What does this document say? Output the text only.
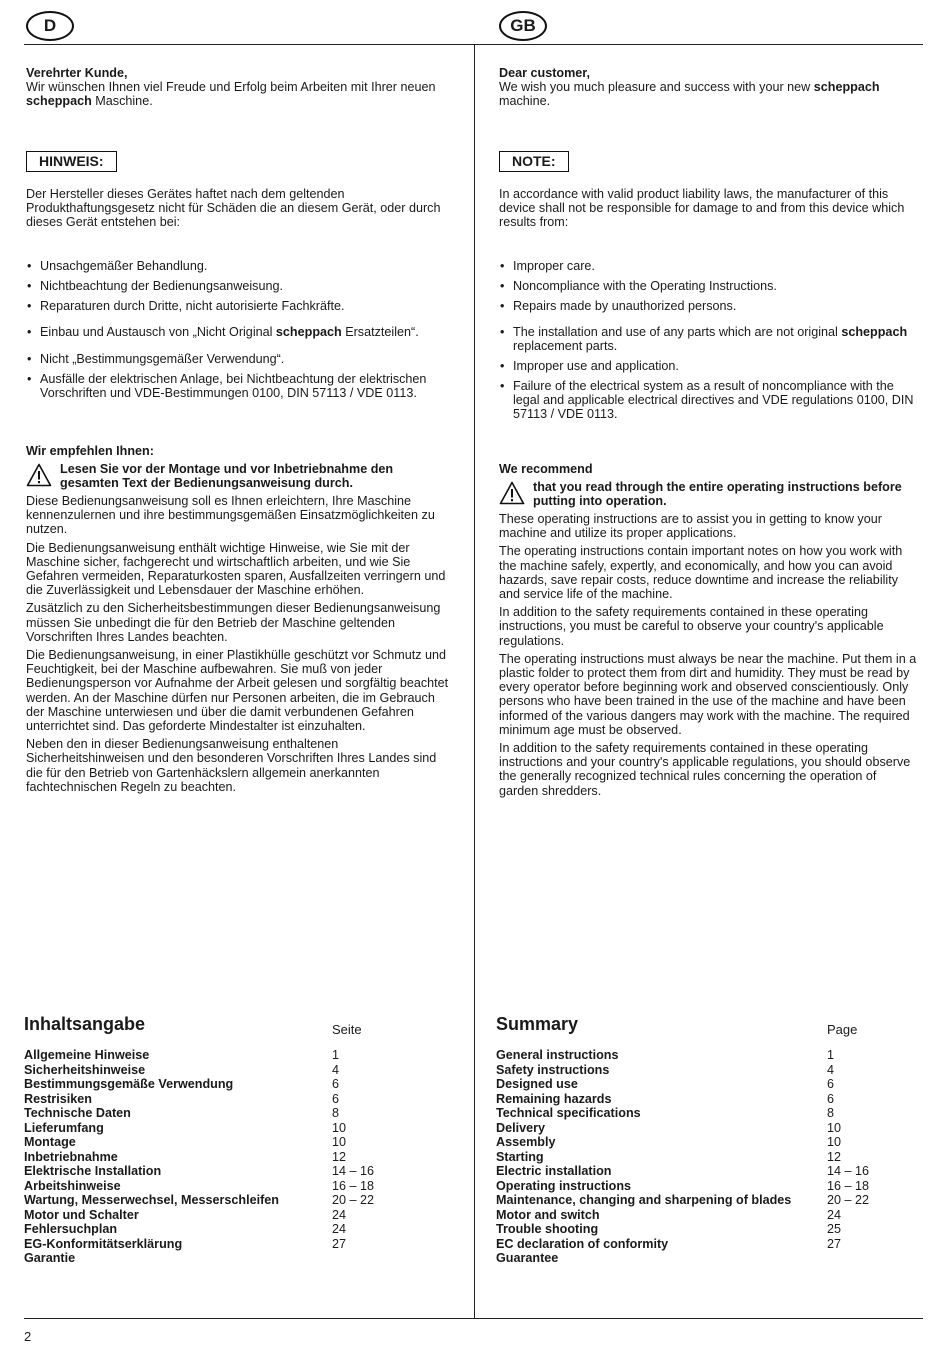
D	GB
2
Verehrter Kunde,
Wir wünschen Ihnen viel Freude und Erfolg beim Arbeiten mit Ihrer neuen scheppach Maschine.
HINWEIS:
Der Hersteller dieses Gerätes haftet nach dem geltenden Produkthaftungsgesetz nicht für Schäden die an diesem Gerät, oder durch dieses Gerät entstehen bei:
• Unsachgemäßer Behandlung.
• Nichtbeachtung der Bedienungsanweisung.
• Reparaturen durch Dritte, nicht autorisierte Fachkräfte.
• Einbau und Austausch von „Nicht Original scheppach Ersatzteilen“.
• Nicht „Bestimmungsgemäßer Verwendung“.
• Ausfälle der elektrischen Anlage, bei Nichtbeachtung der elektrischen Vorschriften und VDE-Bestimmungen 0100, DIN 57113 / VDE 0113.
Wir empfehlen Ihnen:
Lesen Sie vor der Montage und vor Inbetriebnahme den gesamten Text der Bedienungsanweisung durch.
Diese Bedienungsanweisung soll es Ihnen erleichtern, Ihre Maschine kennenzulernen und ihre bestimmungsgemäßen Einsatzmöglichkeiten zu nutzen.
Die Bedienungsanweisung enthält wichtige Hinweise, wie Sie mit der Maschine sicher, fachgerecht und wirtschaftlich arbeiten, und wie Sie Gefahren vermeiden, Reparaturkosten sparen, Ausfallzeiten verringern und die Zuverlässigkeit und Lebensdauer der Maschine erhöhen.
Zusätzlich zu den Sicherheitsbestimmungen dieser Bedienungsanweisung müssen Sie unbedingt die für den Betrieb der Maschine geltenden Vorschriften Ihres Landes beachten.
Die Bedienungsanweisung, in einer Plastikhülle geschützt vor Schmutz und Feuchtigkeit, bei der Maschine aufbewahren. Sie muß von jeder Bedienungsperson vor Aufnahme der Arbeit gelesen und sorgfältig beachtet werden. An der Maschine dürfen nur Personen arbeiten, die im Gebrauch der Maschine unterwiesen und über die damit verbundenen Gefahren unterrichtet sind. Das geforderte Mindestalter ist einzuhalten.
Neben den in dieser Bedienungsanweisung enthaltenen Sicherheitshinweisen und den besonderen Vorschriften Ihres Landes sind die für den Betrieb von Gartenhäckslern allgemein anerkannten fachtechnischen Regeln zu beachten.
Dear customer,
We wish you much pleasure and success with your new scheppach machine.
NOTE:
In accordance with valid product liability laws, the manufacturer of this device shall not be responsible for damage to and from this device which results from:
• Improper care.
• Noncompliance with the Operating Instructions.
• Repairs made by unauthorized persons.
• The installation and use of any parts which are not original scheppach replacement parts.
• Improper use and application.
• Failure of the electrical system as a result of noncompliance with the legal and applicable electrical directives and VDE regulations 0100, DIN 57113 / VDE 0113.
We recommend
that you read through the entire operating instructions before putting into operation.
These operating instructions are to assist you in getting to know your machine and utilize its proper applications.
The operating instructions contain important notes on how you work with the machine safely, expertly, and economically, and how you can avoid hazards, save repair costs, reduce downtime and increase the reliability and service life of the machine.
In addition to the safety requirements contained in these operating instructions, you must be careful to observe your country's applicable regulations.
The operating instructions must always be near the machine. Put them in a plastic folder to protect them from dirt and humidity. They must be read by every operator before beginning work and observed conscientiously. Only persons who have been trained in the use of the machine and have been informed of the various dangers may work with the machine. The required minimum age must be observed.
In addition to the safety requirements contained in these operating instructions and your country's applicable regulations, you should observe the generally recognized technical rules concerning the operation of garden shredders.
Inhaltsangabe	Seite
Allgemeine Hinweise	1
Sicherheitshinweise	4
Bestimmungsgemäße Verwendung	6
Restrisiken	6
Technische Daten	8
Lieferumfang	10
Montage	10
Inbetriebnahme	12
Elektrische Installation	14 – 16
Arbeitshinweise	16 – 18
Wartung, Messerwechsel, Messerschleifen	20 – 22
Motor und Schalter	24
Fehlersuchplan	24
EG-Konformitätserklärung	27
Garantie
Summary	Page
General instructions	1
Safety instructions	4
Designed use	6
Remaining hazards	6
Technical specifications	8
Delivery	10
Assembly	10
Starting	12
Electric installation	14 – 16
Operating instructions	16 – 18
Maintenance, changing and sharpening of blades	20 – 22
Motor and switch	24
Trouble shooting	25
EC declaration of conformity	27
Guarantee
